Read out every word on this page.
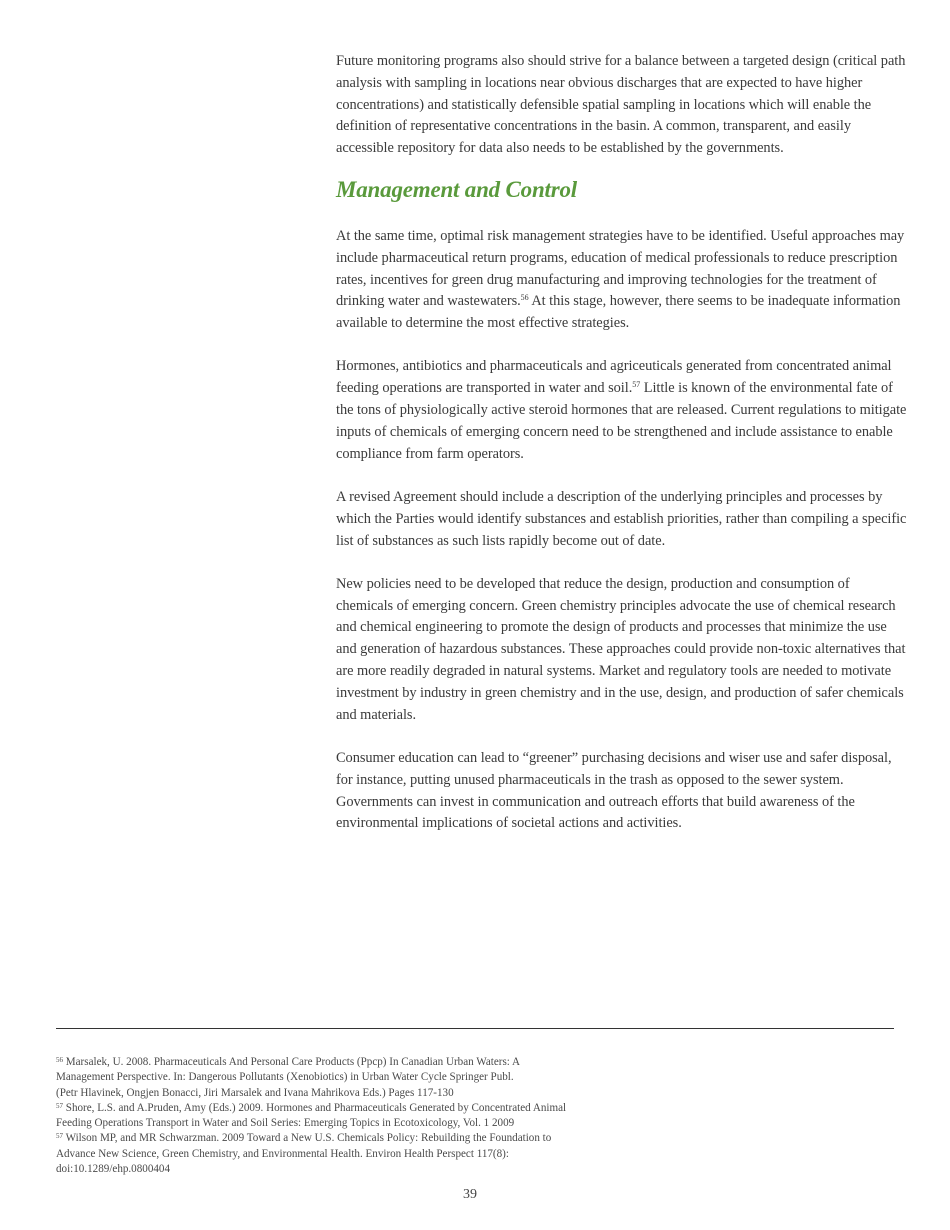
Future monitoring programs also should strive for a balance between a targeted design (critical path analysis with sampling in locations near obvious discharges that are expected to have higher concentrations) and statistically defensible spatial sampling in locations which will enable the definition of representative concentrations in the basin. A common, transparent, and easily accessible repository for data also needs to be established by the governments.

Management and Control

At the same time, optimal risk management strategies have to be identified. Useful approaches may include pharmaceutical return programs, education of medical professionals to reduce prescription rates, incentives for green drug manufacturing and improving technologies for the treatment of drinking water and wastewaters.$^{56}$ At this stage, however, there seems to be inadequate information available to determine the most effective strategies.

Hormones, antibiotics and pharmaceuticals and agriceuticals generated from concentrated animal feeding operations are transported in water and soil.$^{57}$ Little is known of the environmental fate of the tons of physiologically active steroid hormones that are released. Current regulations to mitigate inputs of chemicals of emerging concern need to be strengthened and include assistance to enable compliance from farm operators.

A revised Agreement should include a description of the underlying principles and processes by which the Parties would identify substances and establish priorities, rather than compiling a specific list of substances as such lists rapidly become out of date.

New policies need to be developed that reduce the design, production and consumption of chemicals of emerging concern. Green chemistry principles advocate the use of chemical research and chemical engineering to promote the design of products and processes that minimize the use and generation of hazardous substances. These approaches could provide non-toxic alternatives that are more readily degraded in natural systems. Market and regulatory tools are needed to motivate investment by industry in green chemistry and in the use, design, and production of safer chemicals and materials.

Consumer education can lead to “greener” purchasing decisions and wiser use and safer disposal, for instance, putting unused pharmaceuticals in the trash as opposed to the sewer system. Governments can invest in communication and outreach efforts that build awareness of the environmental implications of societal actions and activities.

$^{56}$ Marsalek, U. 2008. Pharmaceuticals And Personal Care Products (Ppcp) In Canadian Urban Waters: A
Management Perspective. In: Dangerous Pollutants (Xenobiotics) in Urban Water Cycle Springer Publ.
(Petr Hlavinek, Ongjen Bonacci, Jiri Marsalek and Ivana Mahrikova Eds.) Pages 117-130

$^{57}$ Shore, L.S. and A.Pruden, Amy (Eds.) 2009. Hormones and Pharmaceuticals Generated by Concentrated Animal
Feeding Operations Transport in Water and Soil Series: Emerging Topics in Ecotoxicology, Vol. 1 2009

$^{57}$ Wilson MP, and MR Schwarzman. 2009 Toward a New U.S. Chemicals Policy: Rebuilding the Foundation to
Advance New Science, Green Chemistry, and Environmental Health. Environ Health Perspect 117(8):
doi:10.1289/ehp.0800404

39
